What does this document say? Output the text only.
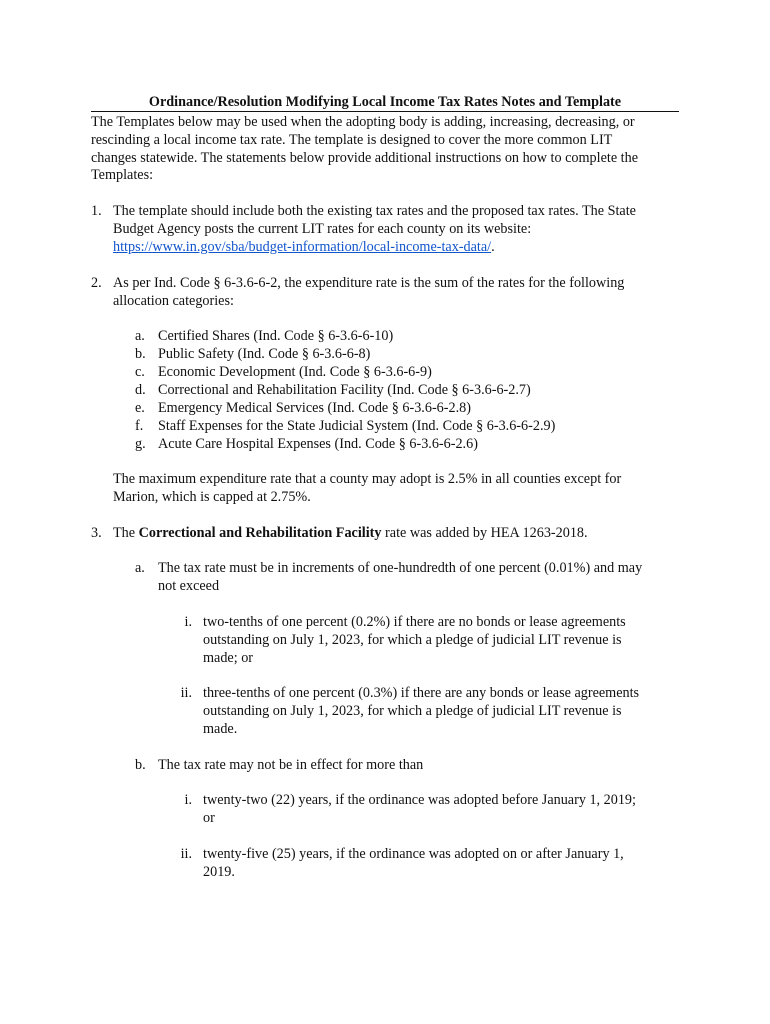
Ordinance/Resolution Modifying Local Income Tax Rates Notes and Template

The Templates below may be used when the adopting body is adding, increasing, decreasing, or

rescinding a local income tax rate. The template is designed to cover the more common LIT

changes statewide. The statements below provide additional instructions on how to complete the

Templates:

1. The template should include both the existing tax rates and the proposed tax rates. The State

Budget Agency posts the current LIT rates for each county on its website:

https://www.in.gov/sba/budget-information/local-income-tax-data/.

2. As per Ind. Code § 6-3.6-6-2, the expenditure rate is the sum of the rates for the following

allocation categories:

a. Certified Shares (Ind. Code § 6-3.6-6-10)
b. Public Safety (Ind. Code § 6-3.6-6-8)
c. Economic Development (Ind. Code § 6-3.6-6-9)
d. Correctional and Rehabilitation Facility (Ind. Code § 6-3.6-6-2.7)
e. Emergency Medical Services (Ind. Code § 6-3.6-6-2.8)
f.	Staff Expenses for the State Judicial System (Ind. Code § 6-3.6-6-2.9)
g. Acute Care Hospital Expenses (Ind. Code § 6-3.6-6-2.6)

The maximum expenditure rate that a county may adopt is 2.5% in all counties except for

Marion, which is capped at 2.75%.

3. The Correctional and Rehabilitation Facility rate was added by HEA 1263-2018.
a. The tax rate must be in increments of one-hundredth of one percent (0.01%) and may

not exceed

i. two-tenths of one percent (0.2%) if there are no bonds or lease agreements

outstanding on July 1, 2023, for which a pledge of judicial LIT revenue is

made; or

ii. three-tenths of one percent (0.3%) if there are any bonds or lease agreements

outstanding on July 1, 2023, for which a pledge of judicial LIT revenue is

made.

b. The tax rate may not be in effect for more than
i. twenty-two (22) years, if the ordinance was adopted before January 1, 2019;

or

ii. twenty-five (25) years, if the ordinance was adopted on or after January 1,

2019.
